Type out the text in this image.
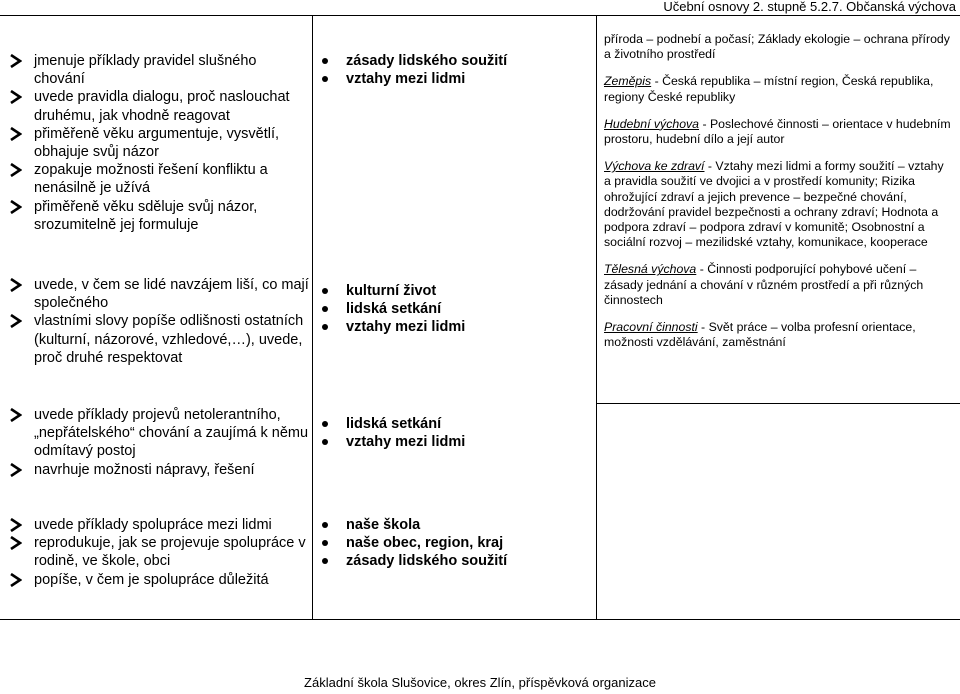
Učební osnovy 2. stupně 5.2.7. Občanská výchova
jmenuje příklady pravidel slušného chování
uvede pravidla dialogu, proč naslouchat druhému, jak vhodně reagovat
přiměřeně věku argumentuje, vysvětlí, obhajuje svůj názor
zopakuje možnosti řešení konfliktu a nenásilně je užívá
přiměřeně věku sděluje svůj názor, srozumitelně jej formuluje
uvede, v čem se lidé navzájem liší, co mají společného
vlastními slovy popíše odlišnosti ostatních (kulturní, názorové, vzhledové,…), uvede, proč druhé respektovat
uvede příklady projevů netolerantního, „nepřátelského“ chování a zaujímá k němu odmítavý postoj
navrhuje možnosti nápravy, řešení
uvede příklady spolupráce mezi lidmi
reprodukuje, jak se projevuje spolupráce v rodině, ve škole, obci
popíše, v čem je spolupráce důležitá
zásady lidského soužití
vztahy mezi lidmi
kulturní život
lidská setkání
vztahy mezi lidmi
lidská setkání
vztahy mezi lidmi
naše škola
naše obec, region, kraj
zásady lidského soužití

příroda – podnebí a počasí; Základy ekologie – ochrana přírody a životního prostředí

Zeměpis - Česká republika – místní region, Česká republika, regiony České republiky

Hudební výchova - Poslechové činnosti – orientace v hudebním prostoru, hudební dílo a její autor

Výchova ke zdraví - Vztahy mezi lidmi a formy soužití – vztahy a pravidla soužití ve dvojici a v prostředí komunity; Rizika ohrožující zdraví a jejich prevence – bezpečné chování, dodržování pravidel bezpečnosti a ochrany zdraví; Hodnota a podpora zdraví – podpora zdraví v komunitě; Osobnostní a sociální rozvoj – mezilidské vztahy, komunikace, kooperace

Tělesná výchova - Činnosti podporující pohybové učení – zásady jednání a chování v různém prostředí a při různých činnostech

Pracovní činnosti - Svět práce – volba profesní orientace, možnosti vzdělávání, zaměstnání

Základní škola Slušovice, okres Zlín, příspěvková organizace
